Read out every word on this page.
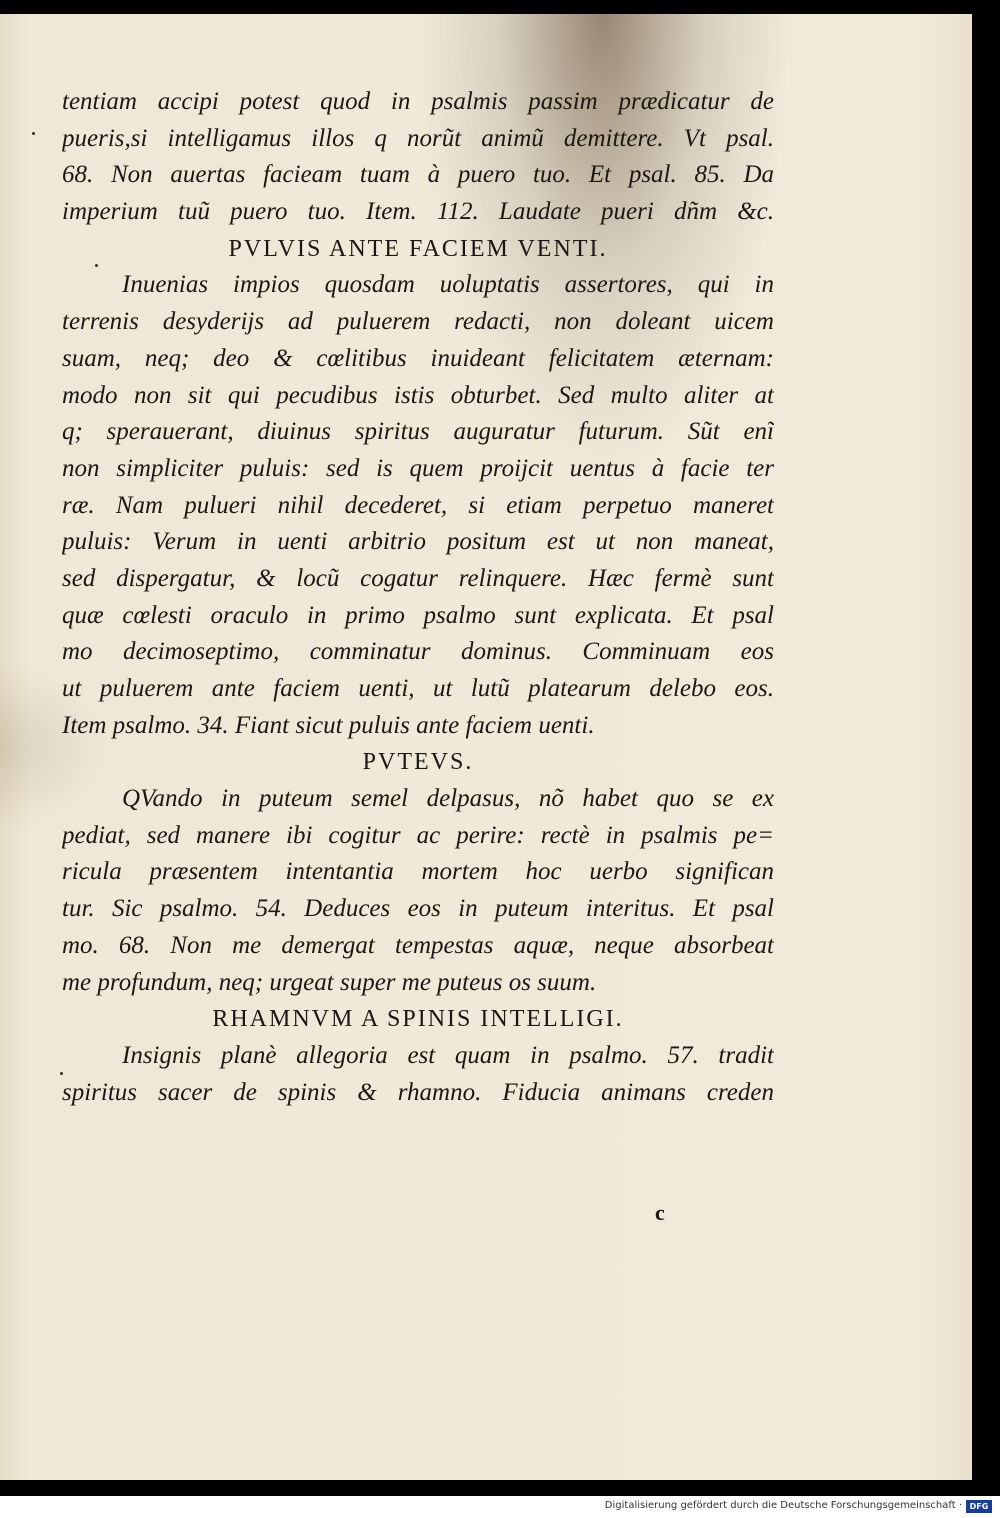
tentiam accipi potest quod in psalmis passim prædicatur de
pueris,si intelligamus illos q norũt animũ demittere. Vt psal.
68. Non auertas facieam tuam à puero tuo. Et psal. 85. Da
imperium tuũ puero tuo. Item. 112. Laudate pueri dñm &c.
PVLVIS ANTE FACIEM VENTI.
Inuenias impios quosdam uoluptatis assertores, qui in
terrenis desyderijs ad puluerem redacti, non doleant uicem
suam, neq; deo & cœlitibus inuideant felicitatem æternam:
modo non sit qui pecudibus istis obturbet. Sed multo aliter at
q; sperauerant, diuinus spiritus auguratur futurum. Sũt enĩ
non simpliciter puluis: sed is quem proijcit uentus à facie ter
ræ. Nam pulueri nihil decederet, si etiam perpetuo maneret
puluis: Verum in uenti arbitrio positum est ut non maneat,
sed dispergatur, & locũ cogatur relinquere. Hæc fermè sunt
quæ cœlesti oraculo in primo psalmo sunt explicata. Et psal
mo decimoseptimo, comminatur dominus. Comminuam eos
ut puluerem ante faciem uenti, ut lutũ platearum delebo eos.
Item psalmo. 34. Fiant sicut puluis ante faciem uenti.
PVTEVS.
QVando in puteum semel delpasus, nõ habet quo se ex
pediat, sed manere ibi cogitur ac perire: rectè in psalmis pe=
ricula præsentem intentantia mortem hoc uerbo significan
tur. Sic psalmo. 54. Deduces eos in puteum interitus. Et psal
mo. 68. Non me demergat tempestas aquæ, neque absorbeat
me profundum, neq; urgeat super me puteus os suum.
RHAMNVM A SPINIS INTELLIGI.
Insignis planè allegoria est quam in psalmo. 57. tradit
spiritus sacer de spinis & rhamno. Fiducia animans creden
c
Digitalisierung gefördert durch die Deutsche Forschungsgemeinschaft · DFG
